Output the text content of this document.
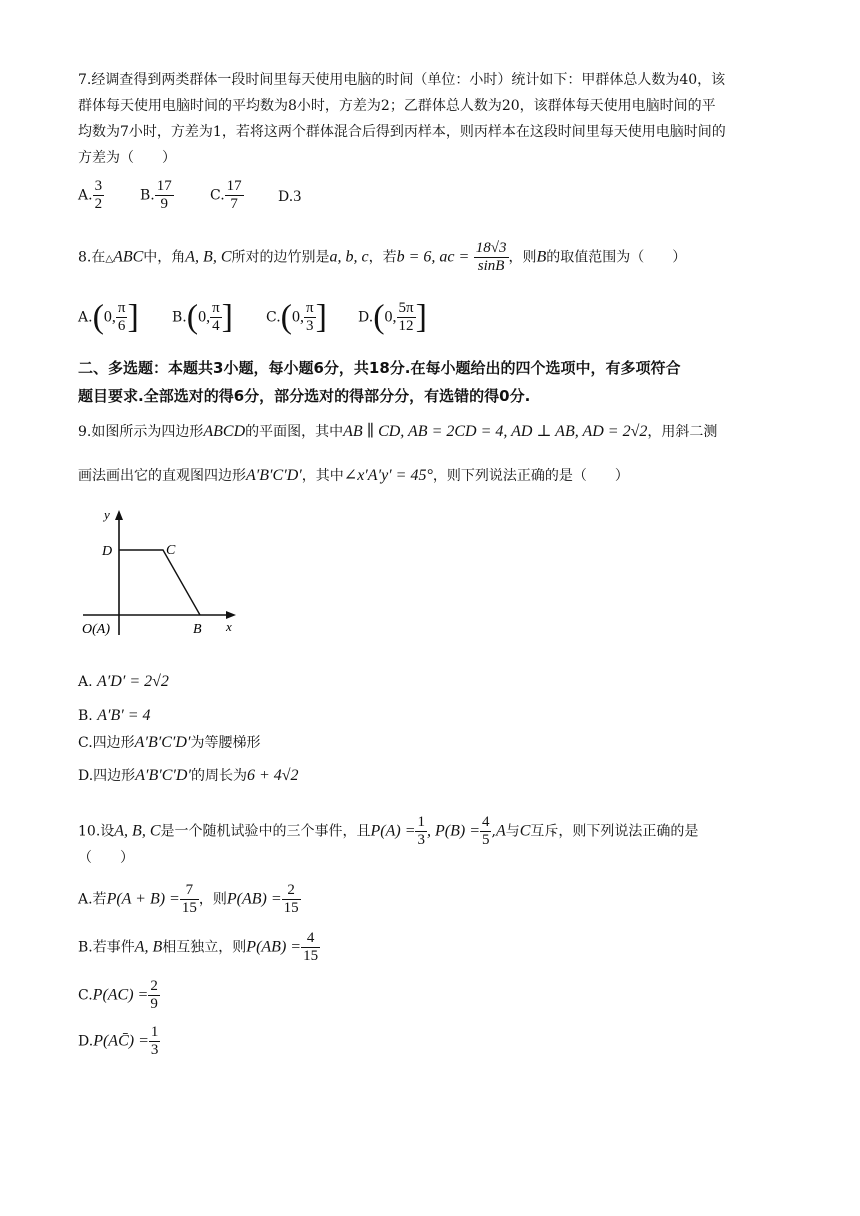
7.经调查得到两类群体一段时间里每天使用电脑的时间（单位：小时）统计如下：甲群体总人数为40，该
群体每天使用电脑时间的平均数为8小时，方差为2；乙群体总人数为20，该群体每天使用电脑时间的平
均数为7小时，方差为1，若将这两个群体混合后得到丙样本，则丙样本在这段时间里每天使用电脑时间的
方差为（　　）
A. $\frac{3}{2}$	B. $\frac{17}{9}$	C. $\frac{17}{7} D.3$
8.在△ABC中，角A, B, C所对的边竹别是a, b, c，若b = 6, ac = $\frac{18√3}{\sin B}$ ，则B的取值范围为（　　）
A.(0, $\frac{\pi}{6}$ ] B.(0, $\frac{\pi}{4}$ ] C.(0, $\frac{\pi}{3}$ ] D.(0, $\frac{5\pi}{12}$ ]
二、多选题：本题共3小题，每小题6分，共18分.在每小题给出的四个选项中，有多项符合
题目要求.全部选对的得6分，部分选对的得部分分，有选错的得0分.
9.如图所示为四边形ABCD的平面图，其中AB ∥ CD, AB = 2CD = 4, AD ⊥ AB, AD = 2√2，用斜二测
画法画出它的直观图四边形A′B′C′D′，其中∠x′A′y′ = 45°，则下列说法正确的是（　　）
y
D	C
O(A)	B x
A. A′D′ = 2√2
B. A′B′ = 4
C.四边形A′B′C′D′为等腰梯形
D.四边形A′B′C′D′的周长为6 + 4√2
10.设A, B, C是一个随机试验中的三个事件，且$P(A) = \frac{1}{3}$ , $P(B) = \frac{4}{5} ,A$与C互斥，则下列说法正确的是
（　　）
A.若$P(A + B) = \frac{7}{15}$ ，则$P(AB) = \frac{2}{15}$
B.若事件A, B相互独立，则$P(AB) = \frac{4}{15}$
$C.P(AC) = \frac{2}{9}$
D.P(AC̄) = $\frac{1}{3}$
